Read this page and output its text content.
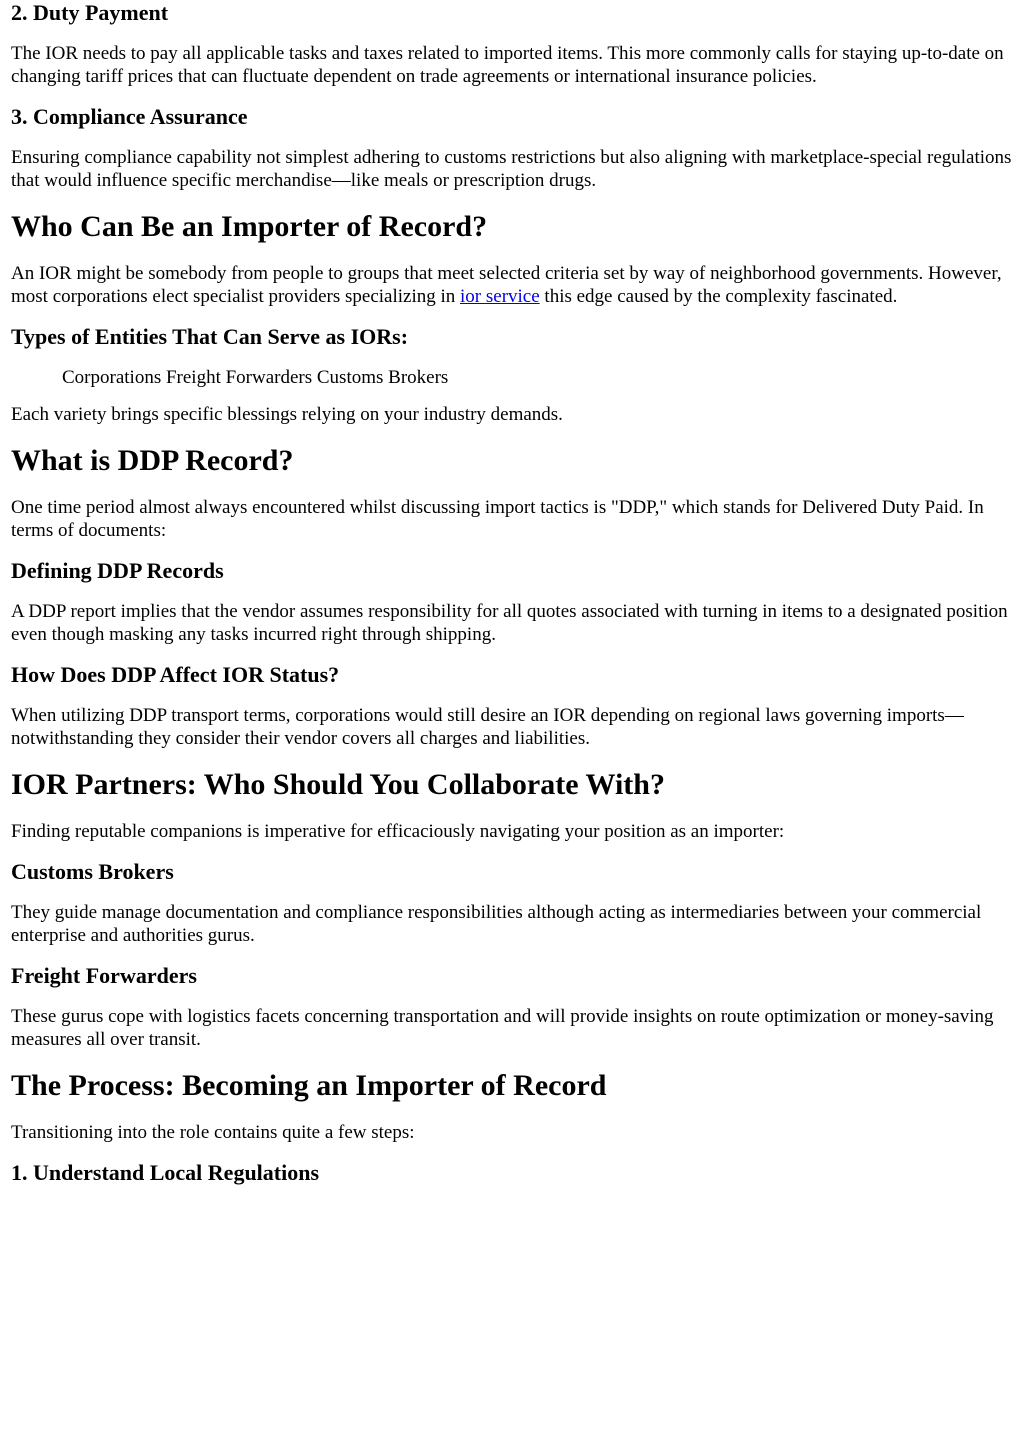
2. Duty Payment

The IOR needs to pay all applicable tasks and taxes related to imported items. This more commonly calls for staying up-to-date on changing tariff prices that can fluctuate dependent on trade agreements or international insurance policies.

3. Compliance Assurance

Ensuring compliance capability not simplest adhering to customs restrictions but also aligning with marketplace-special regulations that would influence specific merchandise—like meals or prescription drugs.

Who Can Be an Importer of Record?

An IOR might be somebody from people to groups that meet selected criteria set by way of neighborhood governments. However, most corporations elect specialist providers specializing in ior service this edge caused by the complexity fascinated.

Types of Entities That Can Serve as IORs:
Corporations Freight Forwarders Customs Brokers

Each variety brings specific blessings relying on your industry demands.

What is DDP Record?

One time period almost always encountered whilst discussing import tactics is "DDP," which stands for Delivered Duty Paid. In terms of documents:

Defining DDP Records

A DDP report implies that the vendor assumes responsibility for all quotes associated with turning in items to a designated position even though masking any tasks incurred right through shipping.

How Does DDP Affect IOR Status?

When utilizing DDP transport terms, corporations would still desire an IOR depending on regional laws governing imports—notwithstanding they consider their vendor covers all charges and liabilities.

IOR Partners: Who Should You Collaborate With?

Finding reputable companions is imperative for efficaciously navigating your position as an importer:

Customs Brokers

They guide manage documentation and compliance responsibilities although acting as intermediaries between your commercial enterprise and authorities gurus.

Freight Forwarders

These gurus cope with logistics facets concerning transportation and will provide insights on route optimization or money-saving measures all over transit.

The Process: Becoming an Importer of Record

Transitioning into the role contains quite a few steps:

1. Understand Local Regulations
